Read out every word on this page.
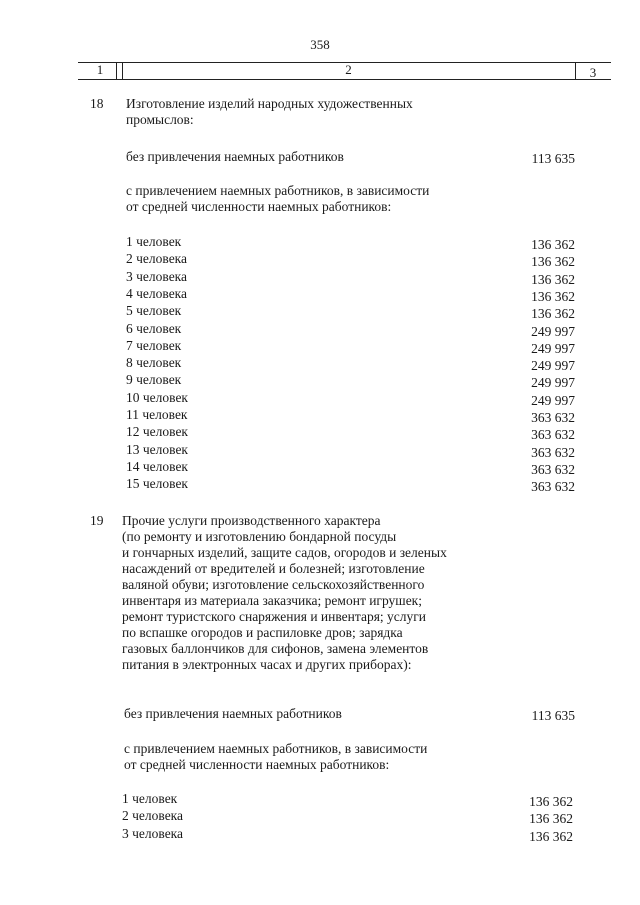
358
1	2	3
18 Изготовление изделий народных художественных
промыслов:
без привлечения наемных работников	113 635
с привлечением наемных работников, в зависимости
от средней численности наемных работников:
1 человек	136 362
2 человека	136 362
3 человека	136 362
4 человека	136 362
5 человек	136 362
6 человек	249 997
7 человек	249 997
8 человек	249 997
9 человек	249 997
10 человек	249 997
11 человек	363 632
12 человек	363 632
13 человек	363 632
14 человек	363 632
15 человек	363 632
19 Прочие услуги производственного характера
(по ремонту и изготовлению бондарной посуды
и гончарных изделий, защите садов, огородов и зеленых
насаждений от вредителей и болезней; изготовление
валяной обуви; изготовление сельскохозяйственного
инвентаря из материала заказчика; ремонт игрушек;
ремонт туристского снаряжения и инвентаря; услуги
по вспашке огородов и распиловке дров; зарядка
газовых баллончиков для сифонов, замена элементов
питания в электронных часах и других приборах):
без привлечения наемных работников	113 635
с привлечением наемных работников, в зависимости
от средней численности наемных работников:
1 человек	136 362
2 человека	136 362
3 человека	136 362
